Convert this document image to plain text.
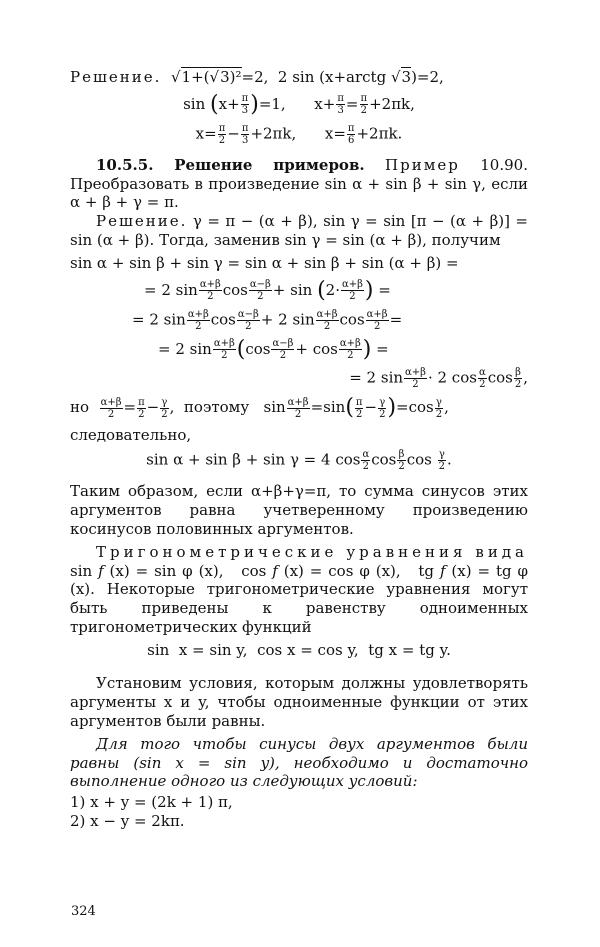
Решение.  √1+(√3)²=2,  2 sin (x+arctg √3)=2,
$\sin (x+ \frac{\pi}{3} )=1$,      $x+ \frac{\pi}{3} = \frac{\pi}{2} +2\pi k$,
$x= \frac{\pi}{2} - \frac{\pi}{3} +2\pi k$,      $x= \frac{\pi}{6} +2\pi k$.

10.5.5. Решение примеров. Пример 10.90. Преобразовать в произведение sin α + sin β + sin γ, если α + β + γ = π.

Решение. γ = π − (α + β), sin γ = sin [π − (α + β)] = sin (α + β). Тогда, заменив sin γ = sin (α + β), получим

sin α + sin β + sin γ = sin α + sin β + sin (α + β) =
= 2 $\sin \frac{\alpha+\beta}{2}$ $\cos \frac{\alpha-\beta}{2} + \sin (2\cdot \frac{\alpha+\beta}{2}$ ) =
= 2 $\sin \frac{\alpha+\beta}{2}$ $\cos \frac{\alpha-\beta}{2} + 2$ $\sin \frac{\alpha+\beta}{2}$ $\cos \frac{\alpha+\beta}{2}$ =
= 2 $\sin \frac{\alpha+\beta}{2} (\cos \frac{\alpha-\beta}{2} + \cos \frac{\alpha+\beta}{2}$ ) =
= 2 $\sin \frac{\alpha+\beta}{2} \cdot 2$ $\cos \frac{\alpha}{2}$ $\cos \frac{\beta}{2}$ ,
но $\frac{\alpha+\beta}{2} = \frac{\pi}{2} - \frac{\gamma}{2}$ ,  поэтому   $\sin \frac{\alpha+\beta}{2} =\sin( \frac{\pi}{2} - \frac{\gamma}{2} )=\cos \frac{\gamma}{2}$ ,

следовательно,

sin α + sin β + sin γ = 4 $\cos \frac{\alpha}{2}$ $\cos \frac{\beta}{2}$ $\cos \frac{\gamma}{2}$ .

Таким образом, если α+β+γ=π, то сумма синусов этих аргументов равна учетверенному произведению косинусов половинных аргументов.

Тригонометрические уравнения вида sin f (x) = sin φ (x),   cos f (x) = cos φ (x),   tg f (x) = tg φ (x). Некоторые тригонометрические уравнения могут быть приведены к равенству одноименных тригонометрических функций

sin  x = sin y,  cos x = cos y,  tg x = tg y.

Установим условия, которым должны удовлетворять аргументы x и y, чтобы одноименные функции от этих аргументов были равны.

Для того чтобы синусы двух аргументов были равны (sin x = sin y), необходимо и достаточно выполнение одного из следующих условий:

1) x + y = (2k + 1) π,
2) x − y = 2kπ.
324
